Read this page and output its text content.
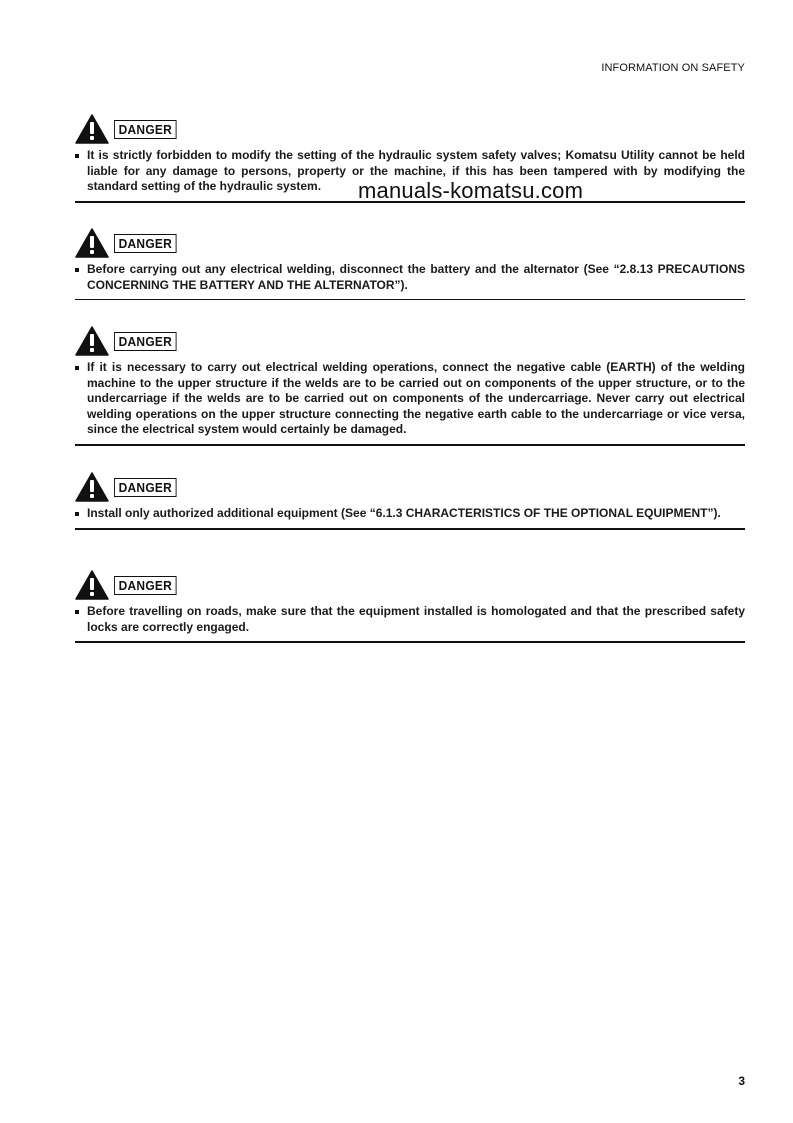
INFORMATION ON SAFETY
DANGER
It is strictly forbidden to modify the setting of the hydraulic system safety valves; Komatsu Utility cannot be held liable for any damage to persons, property or the machine, if this has been tampered with by modifying the standard setting of the hydraulic system.
DANGER
Before carrying out any electrical welding, disconnect the battery and the alternator (See “2.8.13 PRECAUTIONS CONCERNING THE BATTERY AND THE ALTERNATOR”).
DANGER
If it is necessary to carry out electrical welding operations, connect the negative cable (EARTH) of the welding machine to the upper structure if the welds are to be carried out on components of the upper structure, or to the undercarriage if the welds are to be carried out on components of the undercarriage. Never carry out electrical welding operations on the upper structure connecting the negative earth cable to the undercarriage or vice versa, since the electrical system would certainly be damaged.
DANGER
Install only authorized additional equipment (See “6.1.3 CHARACTERISTICS OF THE OPTIONAL EQUIPMENT”).
DANGER
Before travelling on roads, make sure that the equipment installed is homologated and that the prescribed safety locks are correctly engaged.
manuals-komatsu.com
3
